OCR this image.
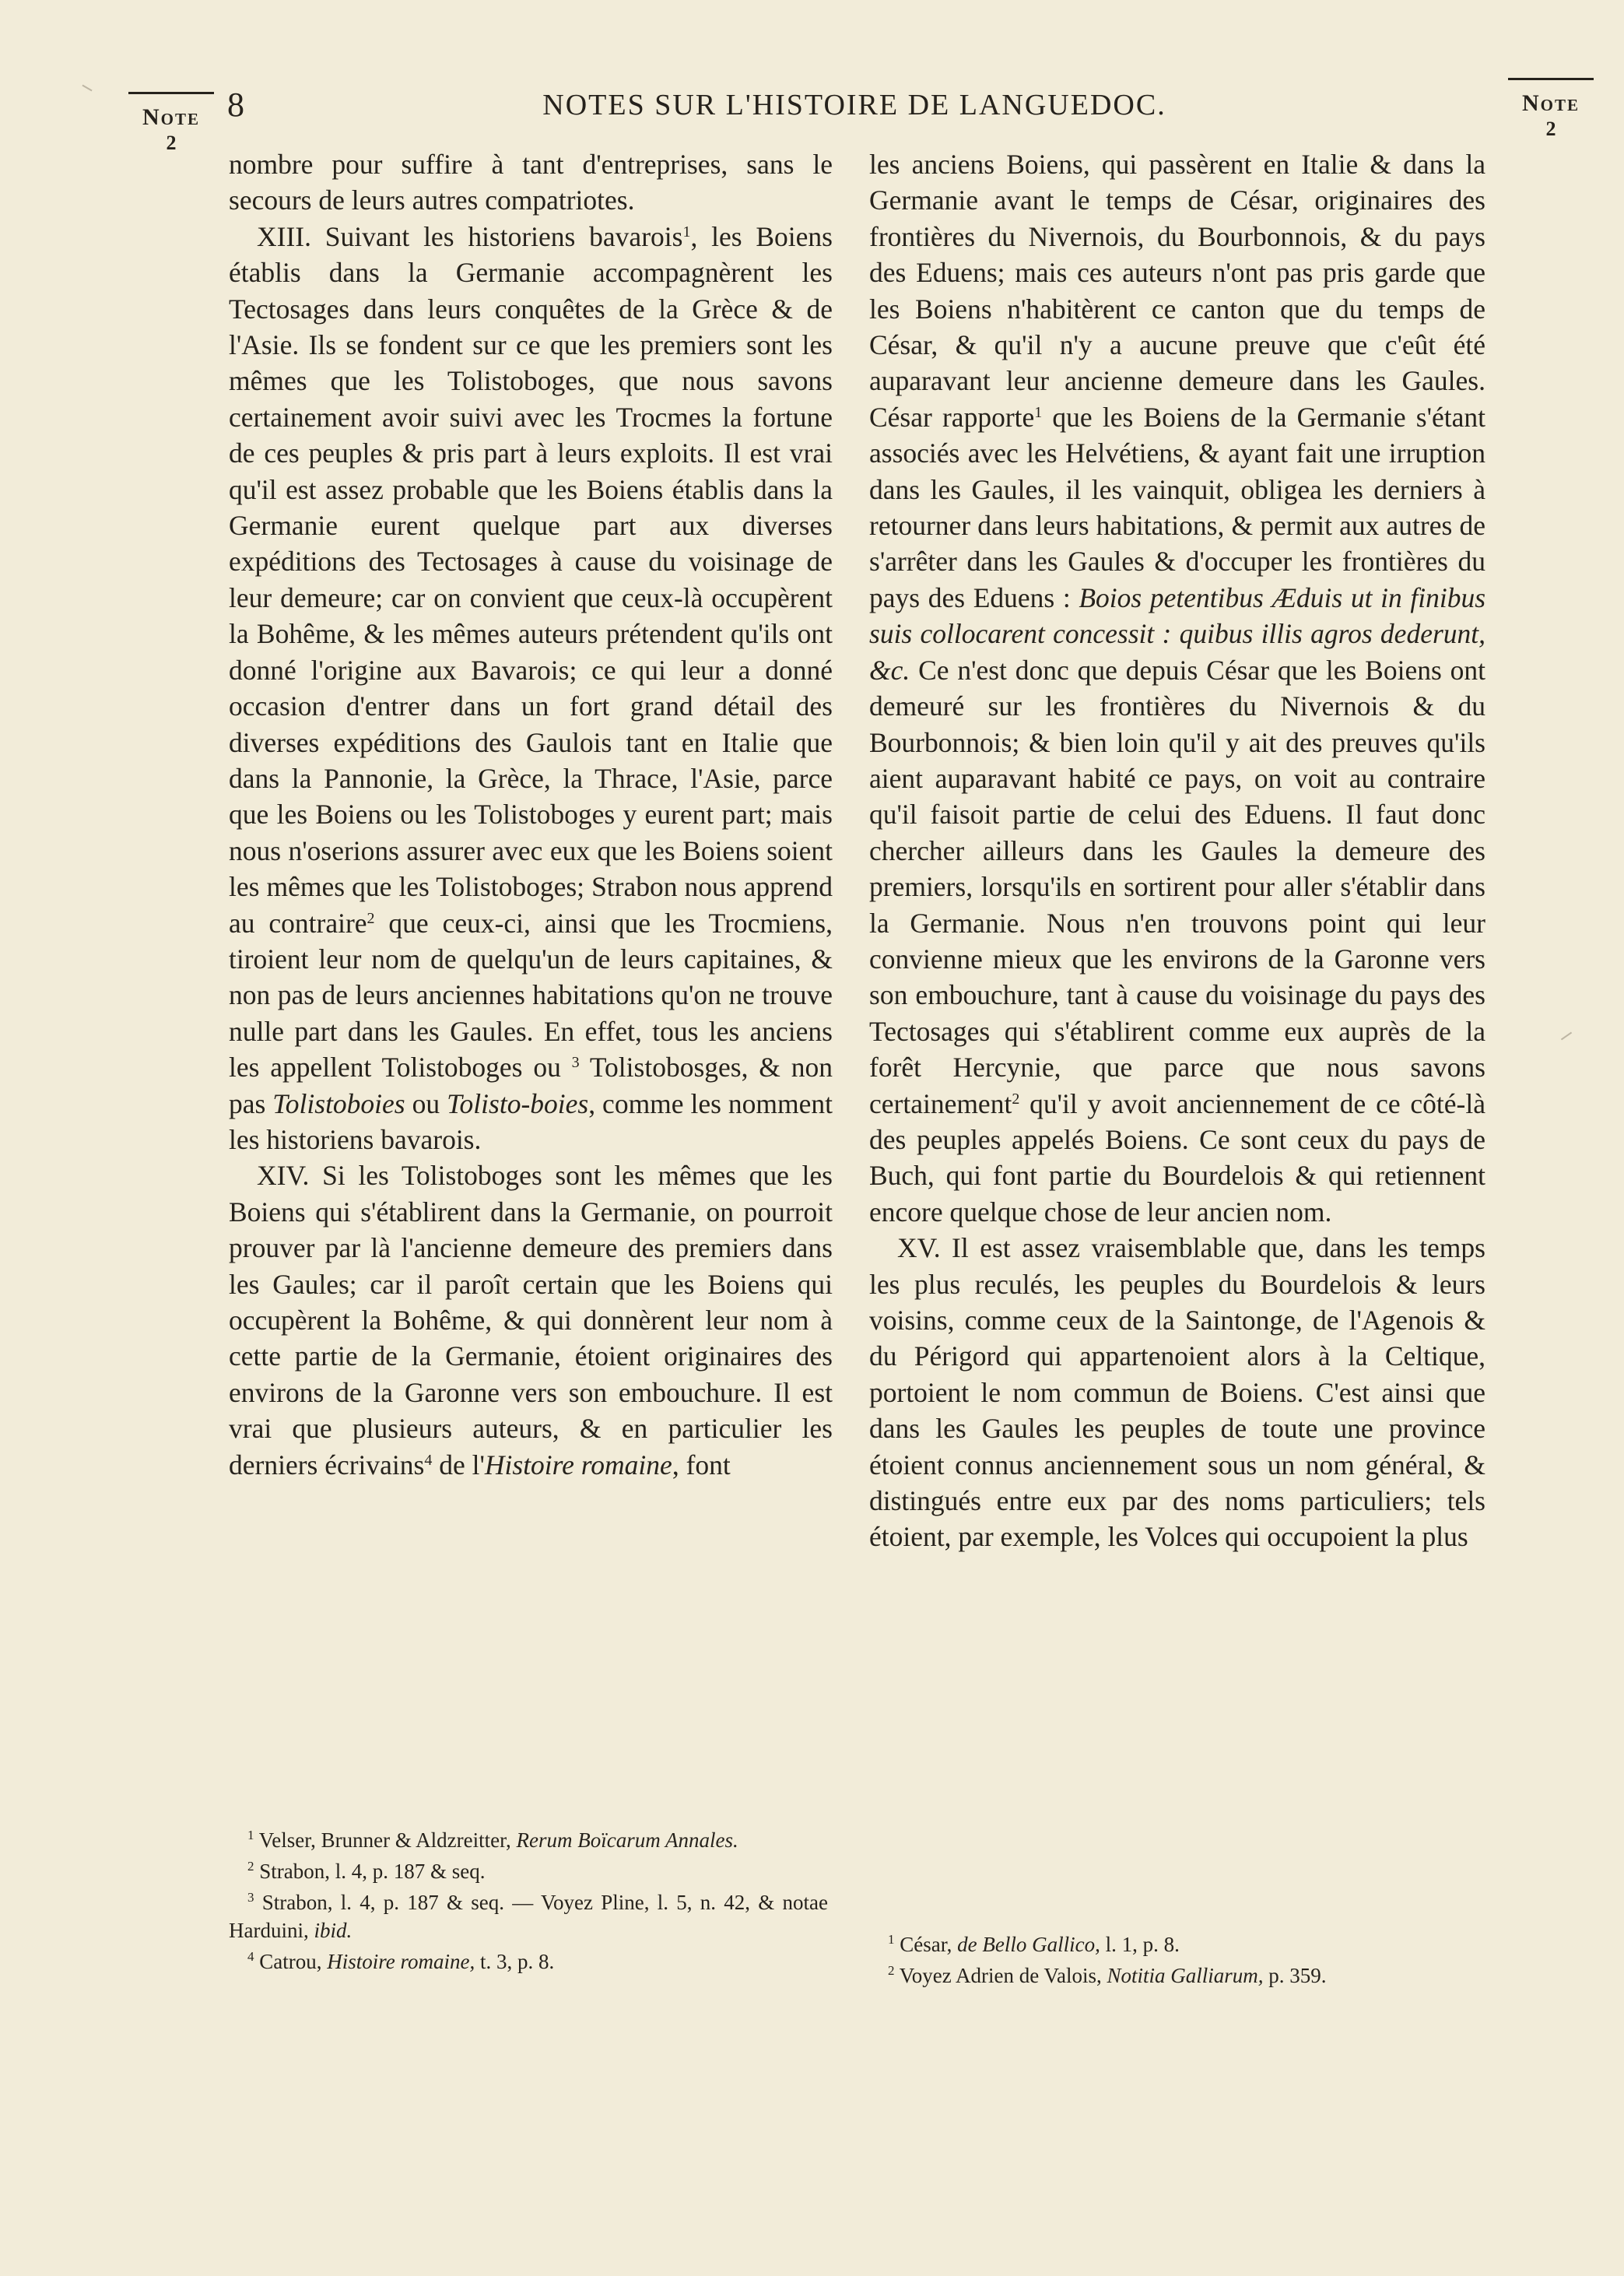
Note
2
Note
2
8	NOTES SUR L'HISTOIRE DE LANGUEDOC.

nombre pour suffire à tant d'entreprises, sans le secours de leurs autres compatriotes.

XIII. Suivant les historiens bavarois$^1$, les Boiens établis dans la Germanie accompagnèrent les Tectosages dans leurs conquêtes de la Grèce & de l'Asie. Ils se fondent sur ce que les premiers sont les mêmes que les Tolistoboges, que nous savons certainement avoir suivi avec les Trocmes la fortune de ces peuples & pris part à leurs exploits. Il est vrai qu'il est assez probable que les Boiens établis dans la Germanie eurent quelque part aux diverses expéditions des Tectosages à cause du voisinage de leur demeure; car on convient que ceux-là occupèrent la Bohême, & les mêmes auteurs prétendent qu'ils ont donné l'origine aux Bavarois; ce qui leur a donné occasion d'entrer dans un fort grand détail des diverses expéditions des Gaulois tant en Italie que dans la Pannonie, la Grèce, la Thrace, l'Asie, parce que les Boiens ou les Tolistoboges y eurent part; mais nous n'oserions assurer avec eux que les Boiens soient les mêmes que les Tolistoboges; Strabon nous apprend au contraire$^2$ que ceux-ci, ainsi que les Trocmiens, tiroient leur nom de quelqu'un de leurs capitaines, & non pas de leurs anciennes habitations qu'on ne trouve nulle part dans les Gaules. En effet, tous les anciens les appellent Tolistoboges ou $^3$ Tolistobosges, & non pas Tolistoboies ou Tolisto-boies, comme les nomment les historiens bavarois.

XIV. Si les Tolistoboges sont les mêmes que les Boiens qui s'établirent dans la Germanie, on pourroit prouver par là l'ancienne demeure des premiers dans les Gaules; car il paroît certain que les Boiens qui occupèrent la Bohême, & qui donnèrent leur nom à cette partie de la Germanie, étoient originaires des environs de la Garonne vers son embouchure. Il est vrai que plusieurs auteurs, & en particulier les derniers écrivains$^4$ de l'Histoire romaine, font

les anciens Boiens, qui passèrent en Italie & dans la Germanie avant le temps de César, originaires des frontières du Nivernois, du Bourbonnois, & du pays des Eduens; mais ces auteurs n'ont pas pris garde que les Boiens n'habitèrent ce canton que du temps de César, & qu'il n'y a aucune preuve que c'eût été auparavant leur ancienne demeure dans les Gaules. César rapporte$^1$ que les Boiens de la Germanie s'étant associés avec les Helvétiens, & ayant fait une irruption dans les Gaules, il les vainquit, obligea les derniers à retourner dans leurs habitations, & permit aux autres de s'arrêter dans les Gaules & d'occuper les frontières du pays des Eduens : Boios petentibus Æduis ut in finibus suis collocarent concessit : quibus illis agros dederunt, &c. Ce n'est donc que depuis César que les Boiens ont demeuré sur les frontières du Nivernois & du Bourbonnois; & bien loin qu'il y ait des preuves qu'ils aient auparavant habité ce pays, on voit au contraire qu'il faisoit partie de celui des Eduens. Il faut donc chercher ailleurs dans les Gaules la demeure des premiers, lorsqu'ils en sortirent pour aller s'établir dans la Germanie. Nous n'en trouvons point qui leur convienne mieux que les environs de la Garonne vers son embouchure, tant à cause du voisinage du pays des Tectosages qui s'établirent comme eux auprès de la forêt Hercynie, que parce que nous savons certainement$^2$ qu'il y avoit anciennement de ce côté-là des peuples appelés Boiens. Ce sont ceux du pays de Buch, qui font partie du Bourdelois & qui retiennent encore quelque chose de leur ancien nom.

XV. Il est assez vraisemblable que, dans les temps les plus reculés, les peuples du Bourdelois & leurs voisins, comme ceux de la Saintonge, de l'Agenois & du Périgord qui appartenoient alors à la Celtique, portoient le nom commun de Boiens. C'est ainsi que dans les Gaules les peuples de toute une province étoient connus anciennement sous un nom général, & distingués entre eux par des noms particuliers; tels étoient, par exemple, les Volces qui occupoient la plus

$^1$ Velser, Brunner & Aldzreitter, Rerum Boïcarum Annales.

$^2$ Strabon, l. 4, p. 187 & seq.

$^3$ Strabon, l. 4, p. 187 & seq. — Voyez Pline, l. 5, n. 42, & notae Harduini, ibid.

$^4$ Catrou, Histoire romaine, t. 3, p. 8.

$^1$ César, de Bello Gallico, l. 1, p. 8.

$^2$ Voyez Adrien de Valois, Notitia Galliarum, p. 359.
